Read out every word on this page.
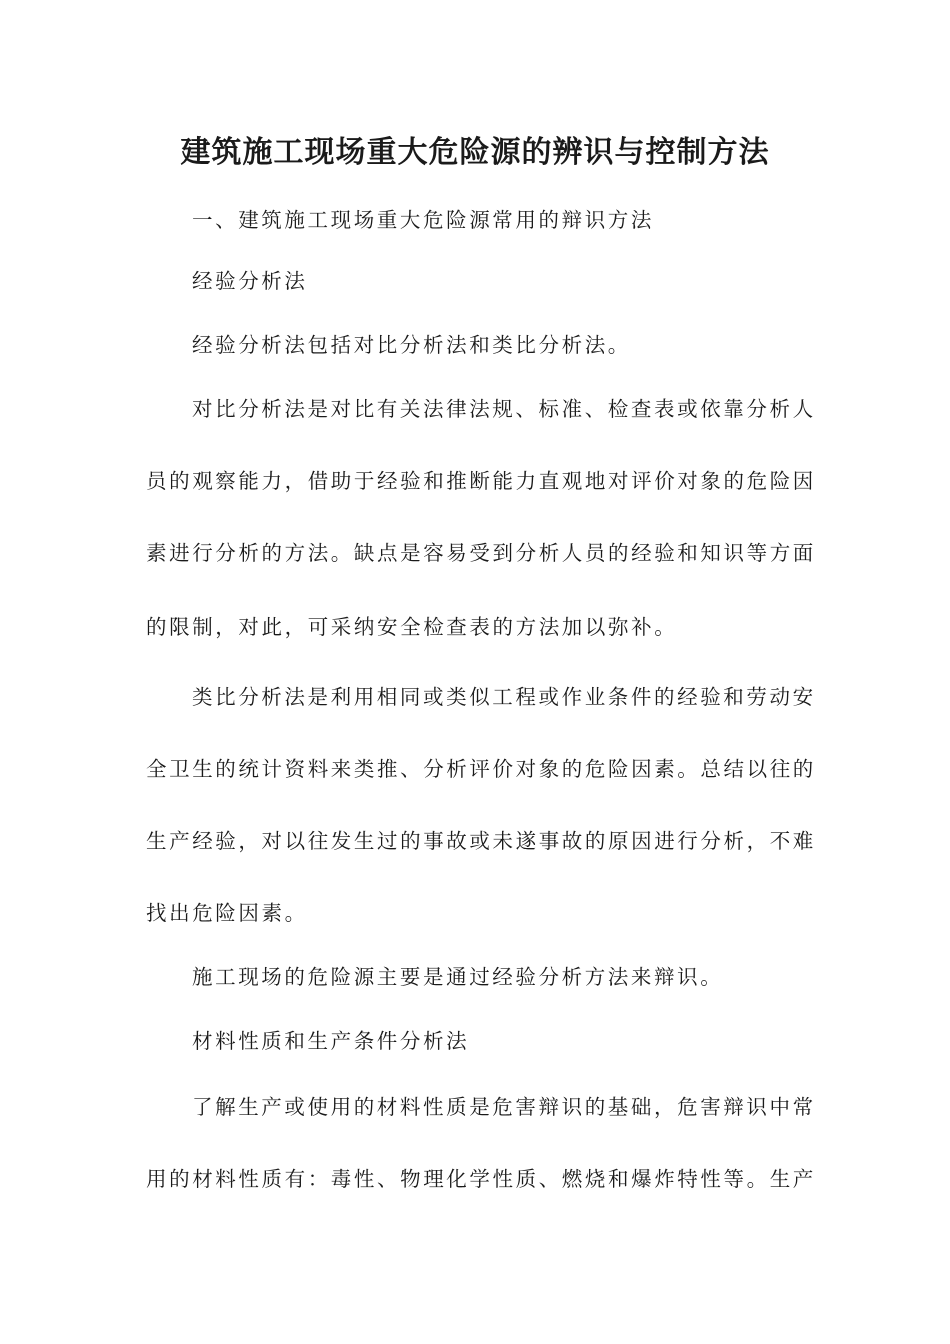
建筑施工现场重大危险源的辨识与控制方法

一、建筑施工现场重大危险源常用的辩识方法

经验分析法

经验分析法包括对比分析法和类比分析法。

对比分析法是对比有关法律法规、标准、检查表或依靠分析人

员的观察能力，借助于经验和推断能力直观地对评价对象的危险因

素进行分析的方法。缺点是容易受到分析人员的经验和知识等方面

的限制，对此，可采纳安全检查表的方法加以弥补。

类比分析法是利用相同或类似工程或作业条件的经验和劳动安

全卫生的统计资料来类推、分析评价对象的危险因素。总结以往的

生产经验，对以往发生过的事故或未遂事故的原因进行分析，不难

找出危险因素。

施工现场的危险源主要是通过经验分析方法来辩识。

材料性质和生产条件分析法

了解生产或使用的材料性质是危害辩识的基础，危害辩识中常

用的材料性质有：毒性、物理化学性质、燃烧和爆炸特性等。生产
